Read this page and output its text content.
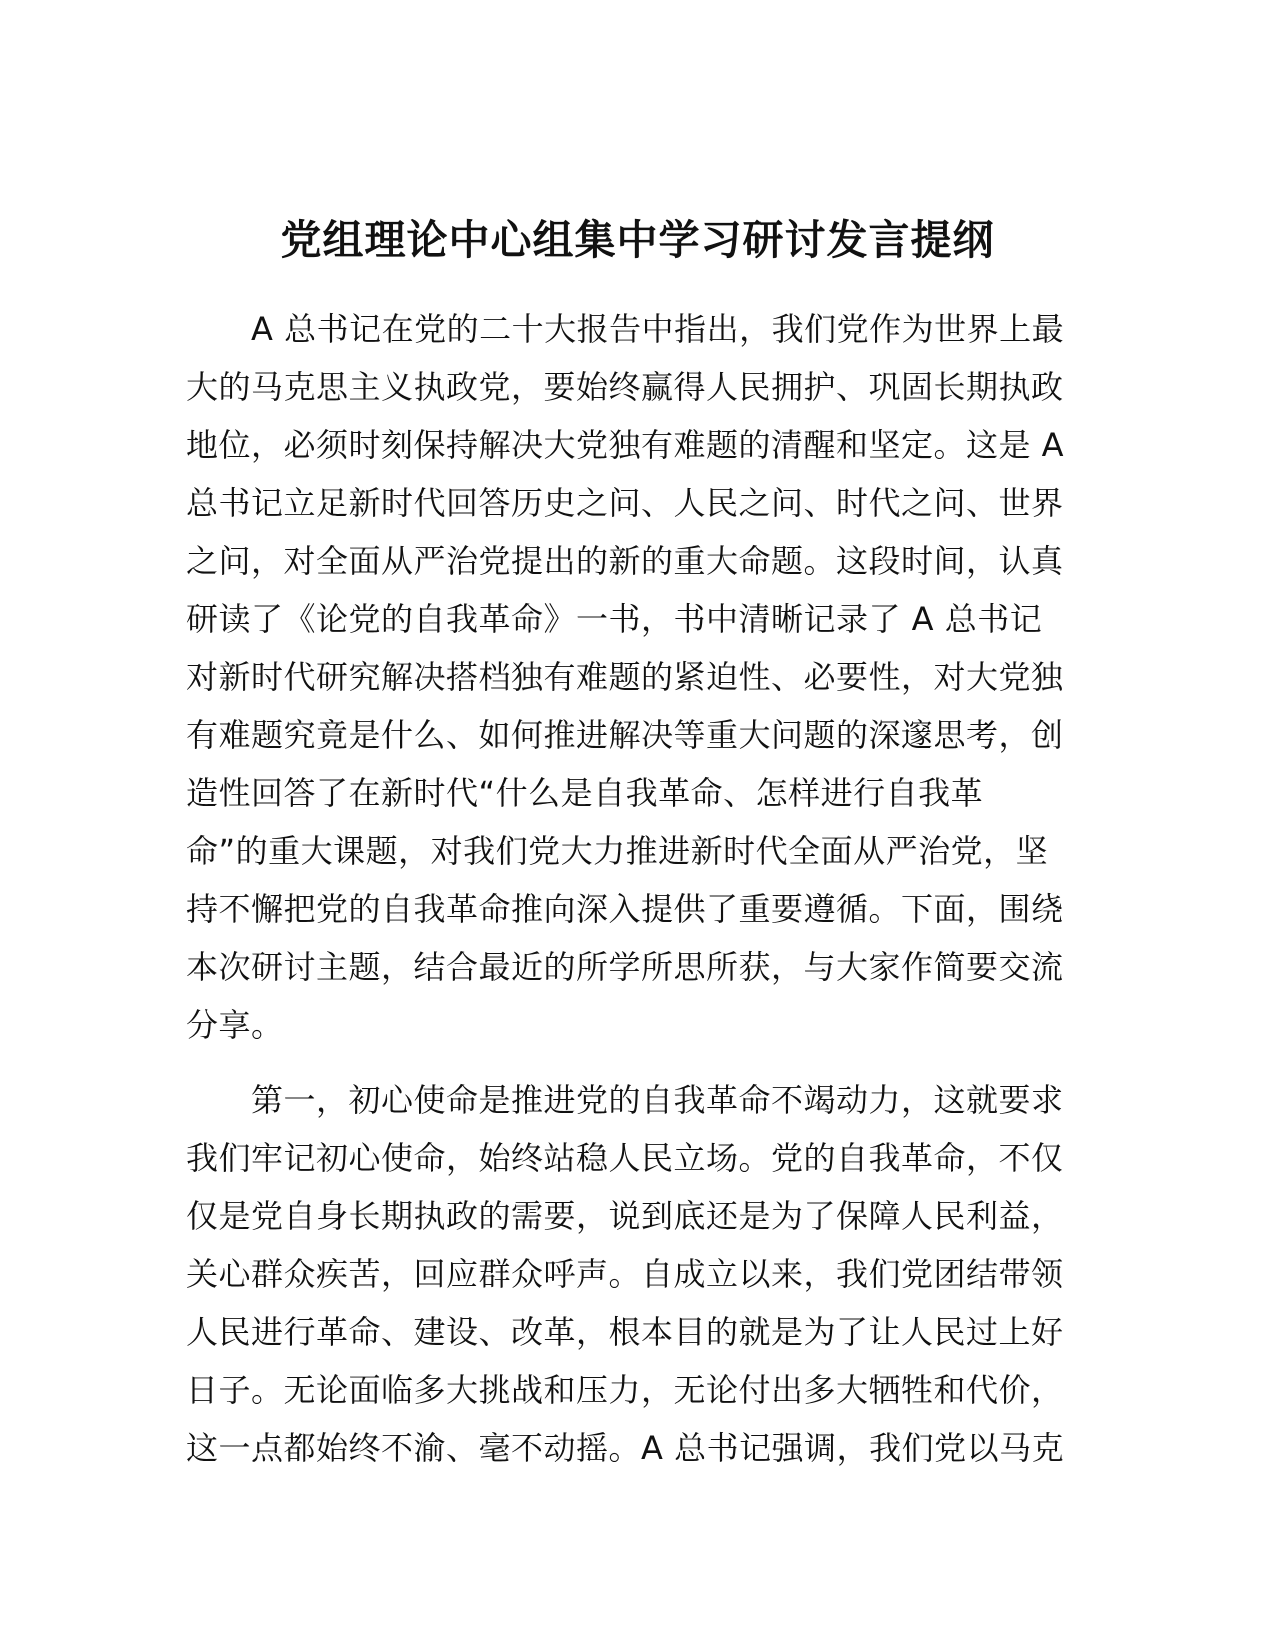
党组理论中心组集中学习研讨发言提纲

　　A 总书记在党的二十大报告中指出，我们党作为世界上最
大的马克思主义执政党，要始终赢得人民拥护、巩固长期执政
地位，必须时刻保持解决大党独有难题的清醒和坚定。这是 A
总书记立足新时代回答历史之问、人民之问、时代之问、世界
之问，对全面从严治党提出的新的重大命题。这段时间，认真
研读了《论党的自我革命》一书，书中清晰记录了 A 总书记
对新时代研究解决搭档独有难题的紧迫性、必要性，对大党独
有难题究竟是什么、如何推进解决等重大问题的深邃思考，创
造性回答了在新时代“什么是自我革命、怎样进行自我革
命”的重大课题，对我们党大力推进新时代全面从严治党，坚
持不懈把党的自我革命推向深入提供了重要遵循。下面，围绕
本次研讨主题，结合最近的所学所思所获，与大家作简要交流
分享。

　　第一，初心使命是推进党的自我革命不竭动力，这就要求
我们牢记初心使命，始终站稳人民立场。党的自我革命，不仅
仅是党自身长期执政的需要，说到底还是为了保障人民利益，
关心群众疾苦，回应群众呼声。自成立以来，我们党团结带领
人民进行革命、建设、改革，根本目的就是为了让人民过上好
日子。无论面临多大挑战和压力，无论付出多大牺牲和代价，
这一点都始终不渝、毫不动摇。A 总书记强调，我们党以马克
